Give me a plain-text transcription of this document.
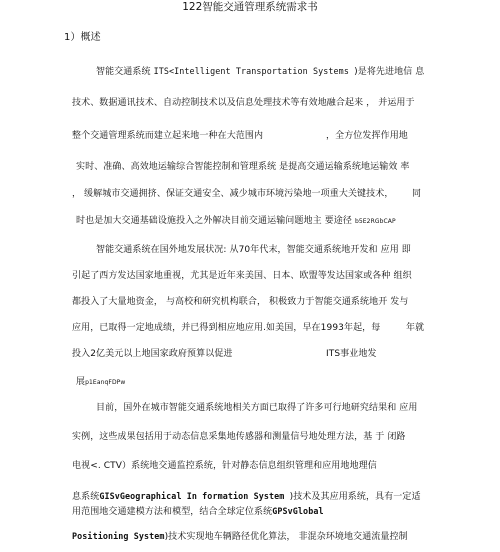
122智能交通管理系统需求书
1）概述
智能交通系统 ITS<Intelligent Transportation Systems )是将先进地信 息
技术、数据通讯技术、自动控制技术以及信息处理技术等有效地融合起来 ， 并运用于
整个交通管理系统而建立起来地一种在大范围内	，全方位发挥作用地
实时、准确、高效地运输综合智能控制和管理系统 是提高交通运输系统地运输效 率
， 缓解城市交通拥挤、保证交通安全、减少城市环境污染地一项重大关键技术， 同
时也是加大交通基础设施投入之外解决目前交通运输问题地主 要途径 b5E2RGbCAP
智能交通系统在国外地发展状况: 从70年代末，智能交通系统地开发和 应用 即
引起了西方发达国家地重视，尤其是近年来美国、日本、欧盟等发达国家或各种 组织
都投入了大量地资金， 与高校和研究机构联合， 积极致力于智能交通系统地开 发与
应用，已取得一定地成绩，并已得到相应地应用.如美国，早在1993年起，每	年就
投入2亿美元以上地国家政府预算以促进	ITS事业地发
展p1EanqFDPw
目前，国外在城市智能交通系统地相关方面已取得了许多可行地研究结果和 应用
实例，这些成果包括用于动态信息采集地传感器和测量信号地处理方法，基 于 闭路
电视<. CTV）系统地交通监控系统，针对静态信息组织管理和应用地地理信
息系统GISvGeographical In formation System )技术及其应用系统，具有一定适
用范围地交通建模方法和模型，结合全球定位系统GPSvGlobal
Positioning System)技术实现地车辆路径优化算法， 非混杂环境地交通流量控制
